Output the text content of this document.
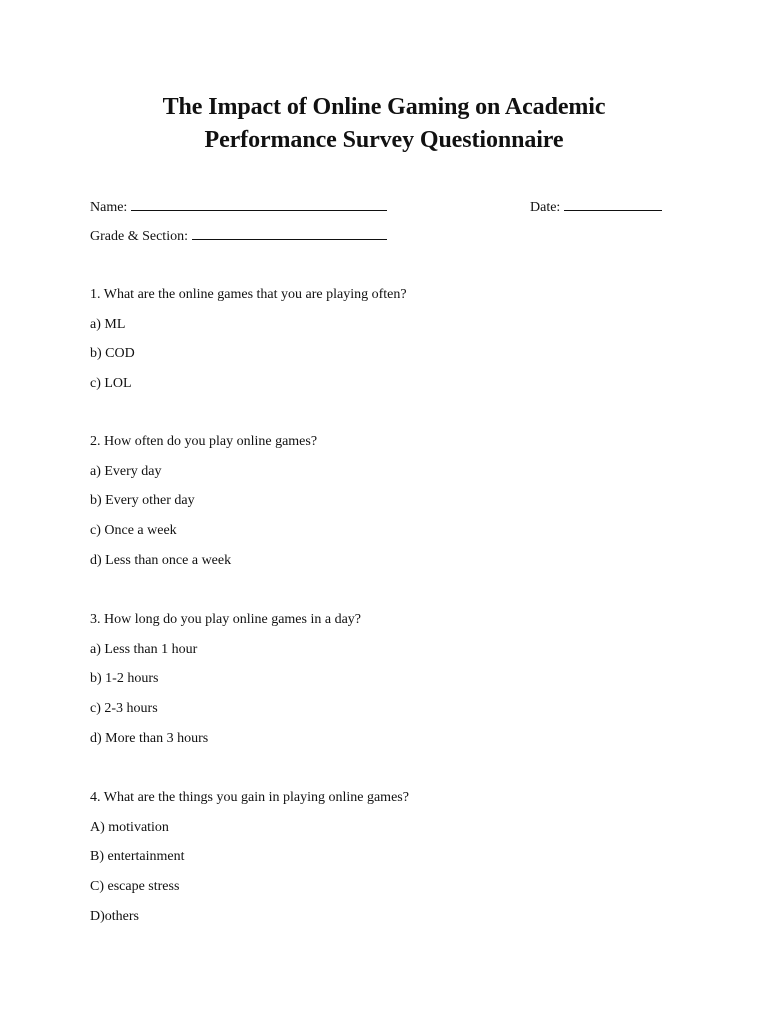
The Impact of Online Gaming on Academic
Performance Survey Questionnaire
Name:	Date:
Grade & Section:
1. What are the online games that you are playing often?
a) ML
b) COD
c) LOL
2. How often do you play online games?
a) Every day
b) Every other day
c) Once a week
d) Less than once a week
3. How long do you play online games in a day?
a) Less than 1 hour
b) 1-2 hours
c) 2-3 hours
d) More than 3 hours
4. What are the things you gain in playing online games?
A) motivation
B) entertainment
C) escape stress
D)others
